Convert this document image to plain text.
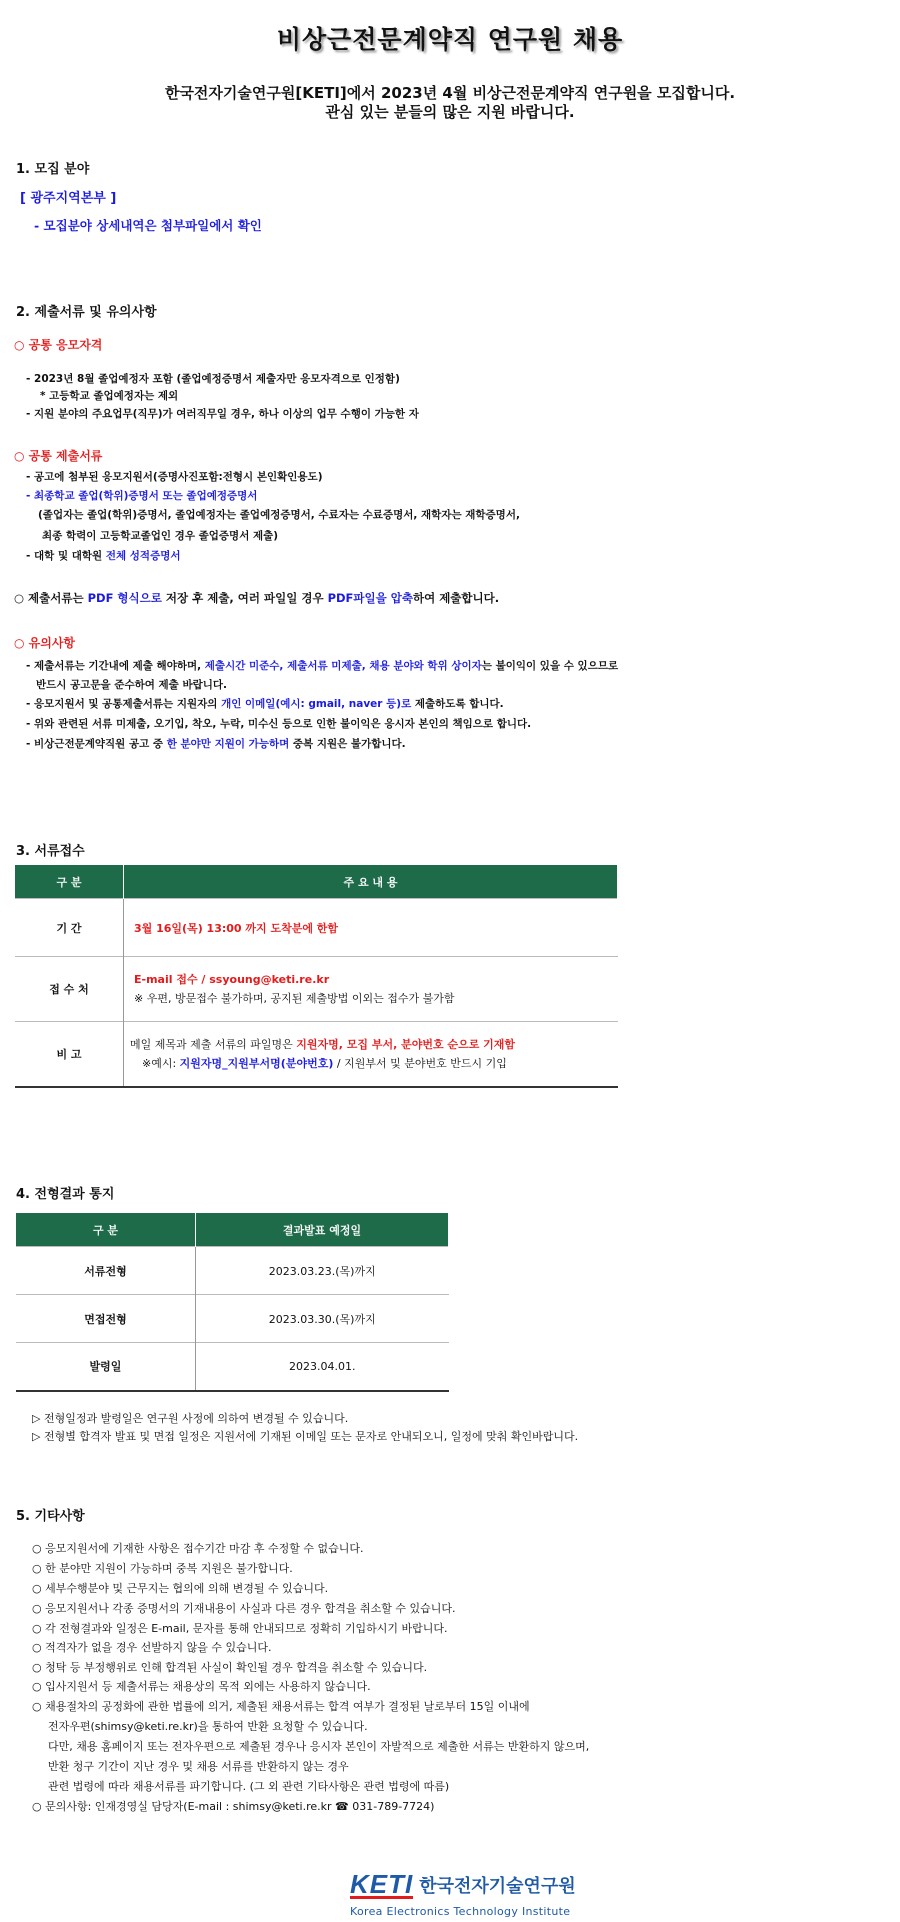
비상근전문계약직 연구원 채용
한국전자기술연구원[KETI]에서 2023년 4월 비상근전문계약직 연구원을 모집합니다.
관심 있는 분들의 많은 지원 바랍니다.
1. 모집 분야
[ 광주지역본부 ]
- 모집분야 상세내역은 첨부파일에서 확인
2. 제출서류 및 유의사항
○ 공통 응모자격
- 2023년 8월 졸업예정자 포함 (졸업예정증명서 제출자만 응모자격으로 인정함)
* 고등학교 졸업예정자는 제외
- 지원 분야의 주요업무(직무)가 여러직무일 경우, 하나 이상의 업무 수행이 가능한 자
○ 공통 제출서류
- 공고에 첨부된 응모지원서(증명사진포함:전형시 본인확인용도)
- 최종학교 졸업(학위)증명서 또는 졸업예정증명서
(졸업자는 졸업(학위)증명서, 졸업예정자는 졸업예정증명서, 수료자는 수료증명서, 재학자는 재학증명서,
최종 학력이 고등학교졸업인 경우 졸업증명서 제출)
- 대학 및 대학원 전체 성적증명서
○ 제출서류는 PDF 형식으로 저장 후 제출, 여러 파일일 경우 PDF파일을 압축하여 제출합니다.
○ 유의사항
- 제출서류는 기간내에 제출 해야하며, 제출시간 미준수, 제출서류 미제출, 채용 분야와 학위 상이자는 불이익이 있을 수 있으므로
반드시 공고문을 준수하여 제출 바랍니다.
- 응모지원서 및 공통제출서류는 지원자의 개인 이메일(예시: gmail, naver 등)로 제출하도록 합니다.
- 위와 관련된 서류 미제출, 오기입, 착오, 누락, 미수신 등으로 인한 불이익은 응시자 본인의 책임으로 합니다.
- 비상근전문계약직원 공고 중 한 분야만 지원이 가능하며 중복 지원은 불가합니다.
3. 서류접수
구 분	주 요 내 용
기 간	3월 16일(목) 13:00 까지 도착분에 한함
접 수 처	E-mail 접수 / ssyoung@keti.re.kr
※ 우편, 방문접수 불가하며, 공지된 제출방법 이외는 접수가 불가함

비 고	메일 제목과 제출 서류의 파일명은 지원자명, 모집 부서, 분야번호 순으로 기재함
※예시: 지원자명_지원부서명(분야번호) / 지원부서 및 분야번호 반드시 기입
4. 전형결과 통지
구 분	결과발표 예정일
서류전형	2023.03.23.(목)까지
면접전형	2023.03.30.(목)까지
발령일	2023.04.01.
▷ 전형일정과 발령일은 연구원 사정에 의하여 변경될 수 있습니다.
▷ 전형별 합격자 발표 및 면접 일정은 지원서에 기재된 이메일 또는 문자로 안내되오니, 일정에 맞춰 확인바랍니다.
5. 기타사항
○ 응모지원서에 기재한 사항은 접수기간 마감 후 수정할 수 없습니다.
○ 한 분야만 지원이 가능하며 중복 지원은 불가합니다.
○ 세부수행분야 및 근무지는 협의에 의해 변경될 수 있습니다.
○ 응모지원서나 각종 증명서의 기재내용이 사실과 다른 경우 합격을 취소할 수 있습니다.
○ 각 전형결과와 일정은 E-mail, 문자를 통해 안내되므로 정확히 기입하시기 바랍니다.
○ 적격자가 없을 경우 선발하지 않을 수 있습니다.
○ 청탁 등 부정행위로 인해 합격된 사실이 확인될 경우 합격을 취소할 수 있습니다.
○ 입사지원서 등 제출서류는 채용상의 목적 외에는 사용하지 않습니다.
○ 채용절차의 공정화에 관한 법률에 의거, 제출된 채용서류는 합격 여부가 결정된 날로부터 15일 이내에
전자우편(shimsy@keti.re.kr)을 통하여 반환 요청할 수 있습니다.
다만, 채용 홈페이지 또는 전자우편으로 제출된 경우나 응시자 본인이 자발적으로 제출한 서류는 반환하지 않으며,
반환 청구 기간이 지난 경우 및 채용 서류를 반환하지 않는 경우
관련 법령에 따라 채용서류를 파기합니다. (그 외 관련 기타사항은 관련 법령에 따름)
○ 문의사항: 인재경영실 담당자(E-mail : shimsy@keti.re.kr ☎ 031-789-7724)
KETI 한국전자기술연구원
Korea Electronics Technology Institute
